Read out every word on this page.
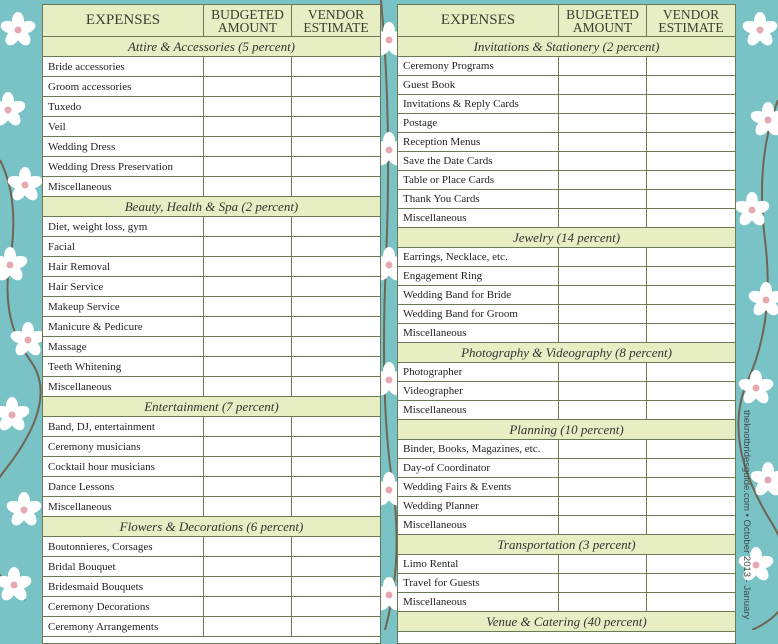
EXPENSES	BUDGETED
AMOUNT
VENDOR
ESTIMATE
Attire & Accessories (5 percent)
Bride accessories
Groom accessories
Tuxedo
Veil
Wedding Dress
Wedding Dress Preservation
Miscellaneous
Beauty, Health & Spa (2 percent)
Diet, weight loss, gym
Facial
Hair Removal
Hair Service
Makeup Service
Manicure & Pedicure
Massage
Teeth Whitening
Miscellaneous
Entertainment (7 percent)
Band, DJ, entertainment
Ceremony musicians
Cocktail hour musicians
Dance Lessons
Miscellaneous
Flowers & Decorations (6 percent)
Boutonnieres, Corsages
Bridal Bouquet
Bridesmaid Bouquets
Ceremony Decorations
Ceremony Arrangements
EXPENSES	BUDGETED
AMOUNT
VENDOR
ESTIMATE
Invitations & Stationery (2 percent)
Ceremony Programs
Guest Book
Invitations & Reply Cards
Postage
Reception Menus
Save the Date Cards
Table or Place Cards
Thank You Cards
Miscellaneous
Jewelry (14 percent)
Earrings, Necklace, etc.
Engagement Ring
Wedding Band for Bride
Wedding Band for Groom
Miscellaneous
Photography & Videography (8 percent)
Photographer
Videographer
Miscellaneous
Planning (10 percent)
Binder, Books, Magazines, etc.
Day-of Coordinator
Wedding Fairs & Events
Wedding Planner
Miscellaneous
Transportation (3 percent)
Limo Rental
Travel for Guests
Miscellaneous
Venue & Catering (40 percent)
theknotbridesguide.com • October 2013 - January
